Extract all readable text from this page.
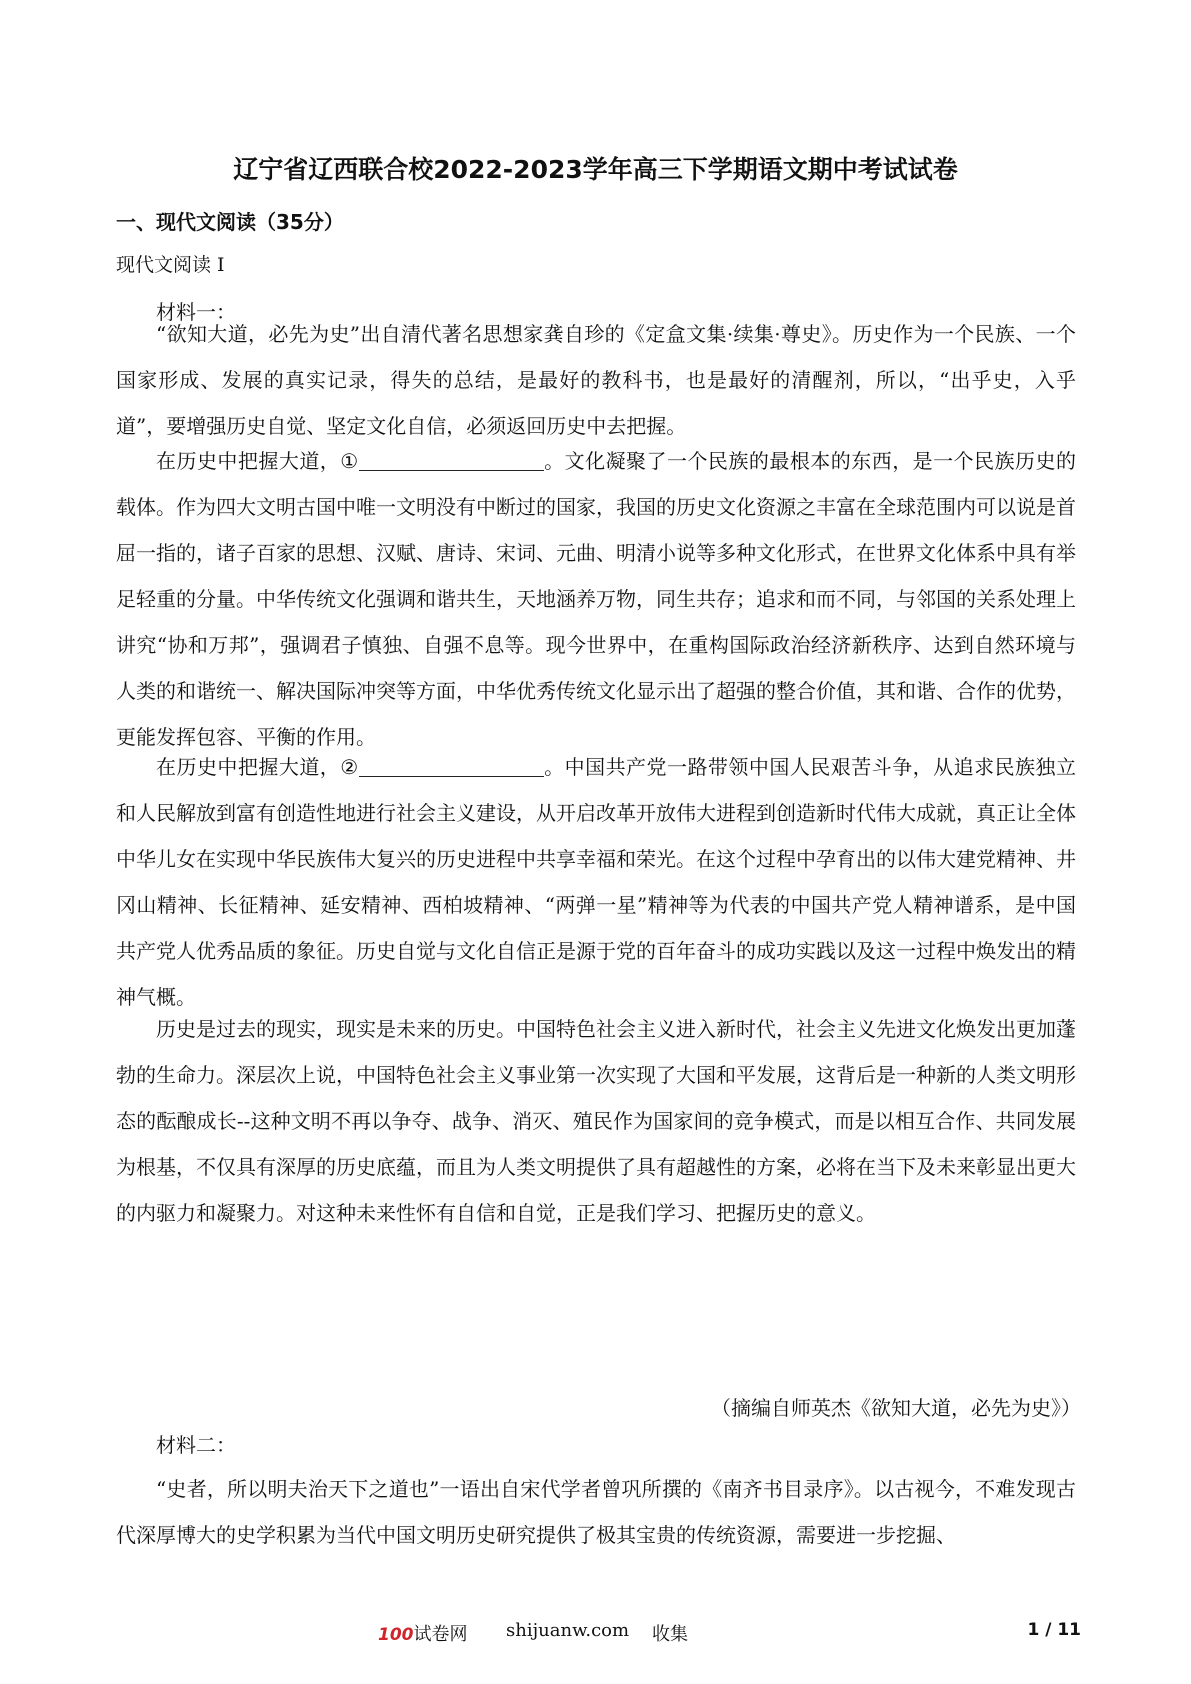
辽宁省辽西联合校2022-2023学年高三下学期语文期中考试试卷
一、现代文阅读（35分）
现代文阅读 I

材料一：

“欲知大道，必先为史”出自清代著名思想家龚自珍的《定盒文集·续集·尊史》。历史作为一个民族、一个国家形成、发展的真实记录，得失的总结，是最好的教科书，也是最好的清醒剂，所以，“出乎史，入乎道”，要增强历史自觉、坚定文化自信，必须返回历史中去把握。

在历史中把握大道，①	。文化凝聚了一个民族的最根本的东西，是一个民族历史的载体。作为四大文明古国中唯一文明没有中断过的国家，我国的历史文化资源之丰富在全球范围内可以说是首屈一指的，诸子百家的思想、汉赋、唐诗、宋词、元曲、明清小说等多种文化形式，在世界文化体系中具有举足轻重的分量。中华传统文化强调和谐共生，天地涵养万物，同生共存；追求和而不同，与邻国的关系处理上讲究“协和万邦”，强调君子慎独、自强不息等。现今世界中，在重构国际政治经济新秩序、达到自然环境与人类的和谐统一、解决国际冲突等方面，中华优秀传统文化显示出了超强的整合价值，其和谐、合作的优势，更能发挥包容、平衡的作用。

在历史中把握大道，②	。中国共产党一路带领中国人民艰苦斗争，从追求民族独立和人民解放到富有创造性地进行社会主义建设，从开启改革开放伟大进程到创造新时代伟大成就，真正让全体中华儿女在实现中华民族伟大复兴的历史进程中共享幸福和荣光。在这个过程中孕育出的以伟大建党精神、井冈山精神、长征精神、延安精神、西柏坡精神、“两弹一星”精神等为代表的中国共产党人精神谱系，是中国共产党人优秀品质的象征。历史自觉与文化自信正是源于党的百年奋斗的成功实践以及这一过程中焕发出的精神气概。

历史是过去的现实，现实是未来的历史。中国特色社会主义进入新时代，社会主义先进文化焕发出更加蓬勃的生命力。深层次上说，中国特色社会主义事业第一次实现了大国和平发展，这背后是一种新的人类文明形态的酝酿成长--这种文明不再以争夺、战争、消灭、殖民作为国家间的竞争模式，而是以相互合作、共同发展为根基，不仅具有深厚的历史底蕴，而且为人类文明提供了具有超越性的方案，必将在当下及未来彰显出更大的内驱力和凝聚力。对这种未来性怀有自信和自觉，正是我们学习、把握历史的意义。

（摘编自师英杰《欲知大道，必先为史》）

材料二：

“史者，所以明夫治天下之道也”一语出自宋代学者曾巩所撰的《南齐书目录序》。以古视今，不难发现古代深厚博大的史学积累为当代中国文明历史研究提供了极其宝贵的传统资源，需要进一步挖掘、

100试卷网 shijuanw.com 收集	1 / 11
